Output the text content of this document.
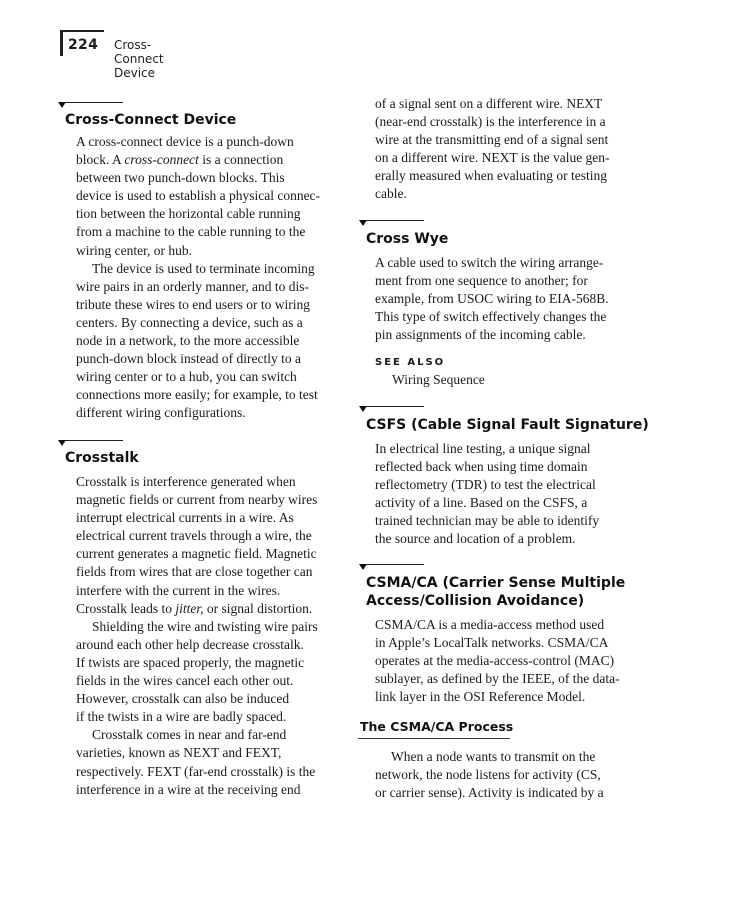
224 Cross-Connect Device
Cross-Connect Device
A cross-connect device is a punch-down
block. A cross-connect is a connection
between two punch-down blocks. This
device is used to establish a physical connec-
tion between the horizontal cable running
from a machine to the cable running to the
wiring center, or hub.
The device is used to terminate incoming
wire pairs in an orderly manner, and to dis-
tribute these wires to end users or to wiring
centers. By connecting a device, such as a
node in a network, to the more accessible
punch-down block instead of directly to a
wiring center or to a hub, you can switch
connections more easily; for example, to test
different wiring configurations.
Crosstalk
Crosstalk is interference generated when
magnetic fields or current from nearby wires
interrupt electrical currents in a wire. As
electrical current travels through a wire, the
current generates a magnetic field. Magnetic
fields from wires that are close together can
interfere with the current in the wires.
Crosstalk leads to jitter, or signal distortion.
Shielding the wire and twisting wire pairs
around each other help decrease crosstalk.
If twists are spaced properly, the magnetic
fields in the wires cancel each other out.
However, crosstalk can also be induced
if the twists in a wire are badly spaced.
Crosstalk comes in near and far-end
varieties, known as NEXT and FEXT,
respectively. FEXT (far-end crosstalk) is the
interference in a wire at the receiving end
of a signal sent on a different wire. NEXT
(near-end crosstalk) is the interference in a
wire at the transmitting end of a signal sent
on a different wire. NEXT is the value gen-
erally measured when evaluating or testing
cable.
Cross Wye
A cable used to switch the wiring arrange-
ment from one sequence to another; for
example, from USOC wiring to EIA-568B.
This type of switch effectively changes the
pin assignments of the incoming cable.
SEE ALSO
Wiring Sequence
CSFS (Cable Signal Fault Signature)
In electrical line testing, a unique signal
reflected back when using time domain
reflectometry (TDR) to test the electrical
activity of a line. Based on the CSFS, a
trained technician may be able to identify
the source and location of a problem.
CSMA/CA (Carrier Sense Multiple
Access/Collision Avoidance)
CSMA/CA is a media-access method used
in Apple’s LocalTalk networks. CSMA/CA
operates at the media-access-control (MAC)
sublayer, as defined by the IEEE, of the data-
link layer in the OSI Reference Model.
The CSMA/CA Process
When a node wants to transmit on the
network, the node listens for activity (CS,
or carrier sense). Activity is indicated by a
